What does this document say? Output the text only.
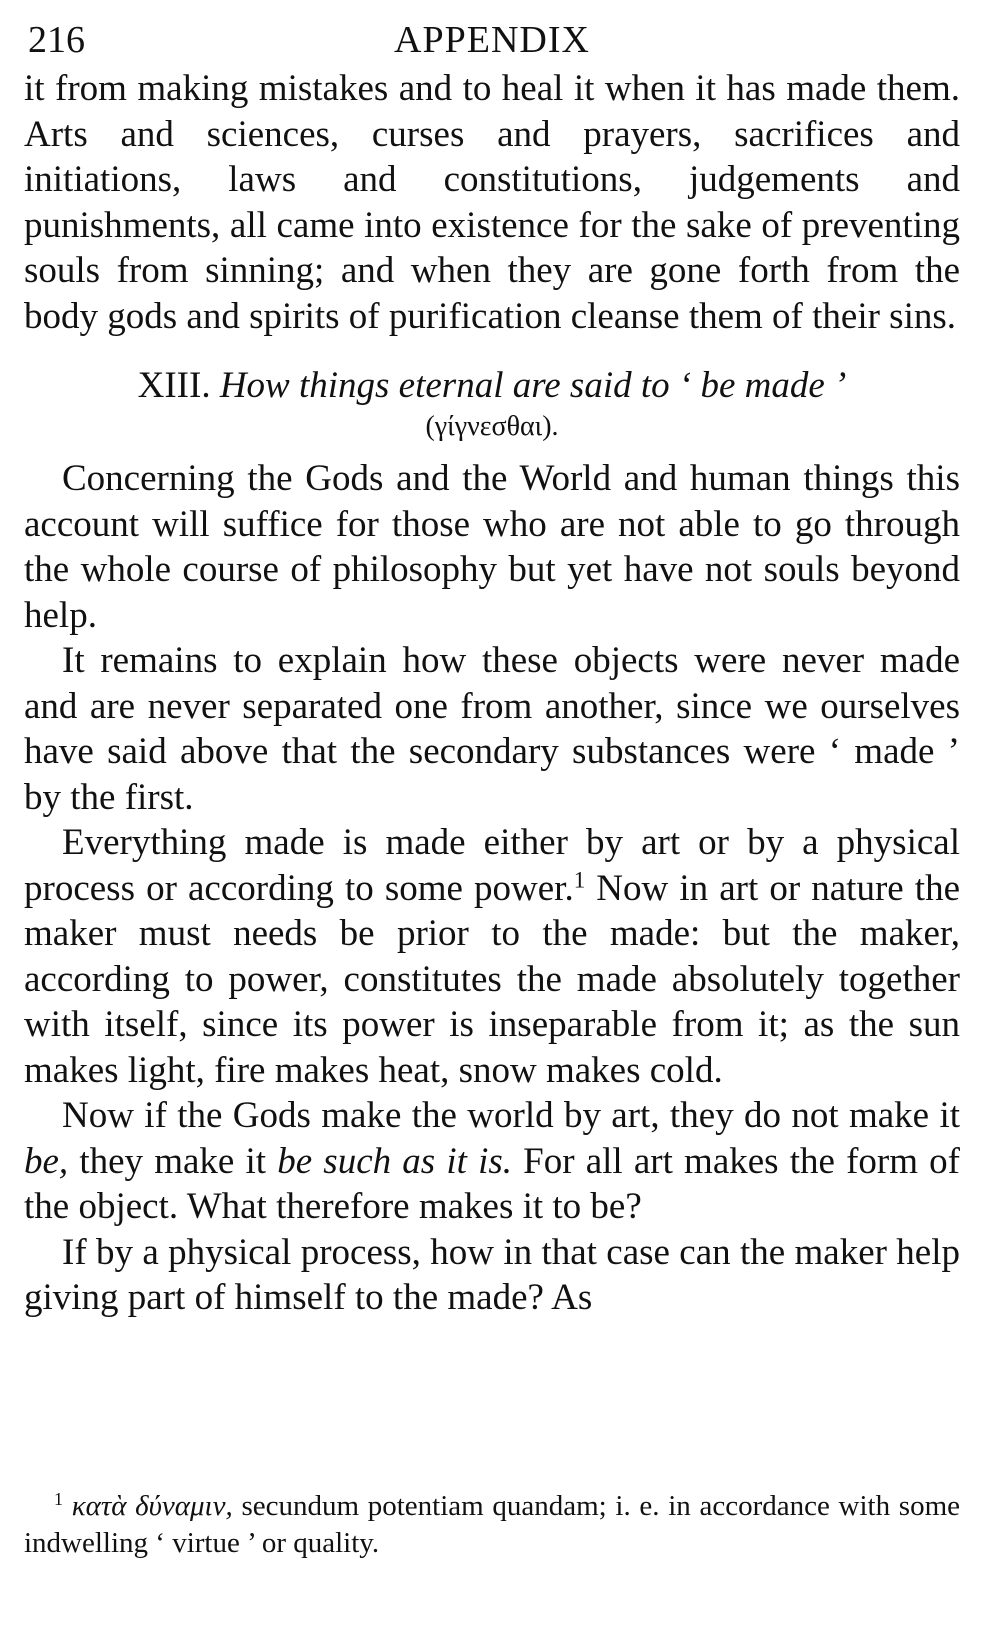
216	APPENDIX

it from making mistakes and to heal it when it has made them. Arts and sciences, curses and prayers, sacrifices and initiations, laws and constitutions, judgements and punishments, all came into existence for the sake of preventing souls from sinning; and when they are gone forth from the body gods and spirits of purification cleanse them of their sins.

XIII. How things eternal are said to ‘ be made ’
(γίγνεσθαι).

Concerning the Gods and the World and human things this account will suffice for those who are not able to go through the whole course of philosophy but yet have not souls beyond help.

It remains to explain how these objects were never made and are never separated one from another, since we ourselves have said above that the secondary substances were ‘ made ’ by the first.

Everything made is made either by art or by a physical process or according to some power.$^1$ Now in art or nature the maker must needs be prior to the made: but the maker, according to power, constitutes the made absolutely together with itself, since its power is inseparable from it; as the sun makes light, fire makes heat, snow makes cold.

Now if the Gods make the world by art, they do not make it be, they make it be such as it is. For all art makes the form of the object. What therefore makes it to be?

If by a physical process, how in that case can the maker help giving part of himself to the made? As

$^1$ κατὰ δύναμιν, secundum potentiam quandam; i. e. in accordance with some indwelling ‘ virtue ’ or quality.
